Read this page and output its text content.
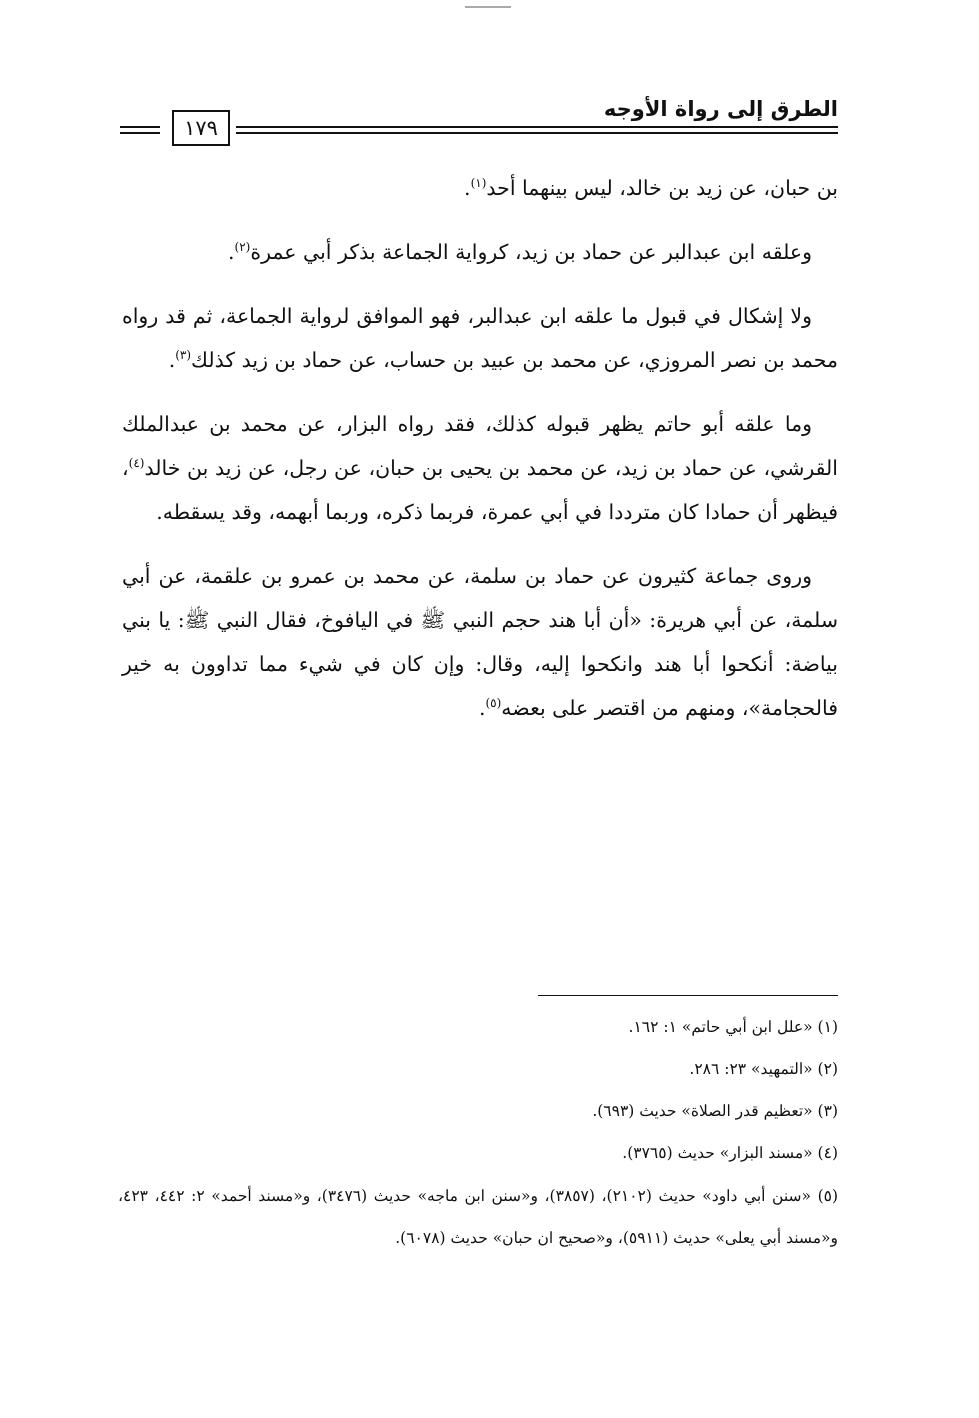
الطرق إلى رواة الأوجه
١٧٩

بن حبان، عن زيد بن خالد، ليس بينهما أحد$^{(١)}$.

وعلقه ابن عبدالبر عن حماد بن زيد، كرواية الجماعة بذكر أبي عمرة$^{(٢)}$.

ولا إشكال في قبول ما علقه ابن عبدالبر، فهو الموافق لرواية الجماعة، ثم قد رواه محمد بن نصر المروزي، عن محمد بن عبيد بن حساب، عن حماد بن زيد كذلك$^{(٣)}$.

وما علقه أبو حاتم يظهر قبوله كذلك، فقد رواه البزار، عن محمد بن عبدالملك القرشي، عن حماد بن زيد، عن محمد بن يحيى بن حبان، عن رجل، عن زيد بن خالد$^{(٤)}$، فيظهر أن حمادا كان مترددا في أبي عمرة، فربما ذكره، وربما أبهمه، وقد يسقطه.

وروى جماعة كثيرون عن حماد بن سلمة، عن محمد بن عمرو بن علقمة، عن أبي سلمة، عن أبي هريرة: «أن أبا هند حجم النبي ﷺ في اليافوخ، فقال النبي ﷺ: يا بني بياضة: أنكحوا أبا هند وانكحوا إليه، وقال: وإن كان في شيء مما تداوون به خير فالحجامة»، ومنهم من اقتصر على بعضه$^{(٥)}$.

(١) «علل ابن أبي حاتم» ١: ١٦٢.
(٢) «التمهيد» ٢٣: ٢٨٦.
(٣) «تعظيم قدر الصلاة» حديث (٦٩٣).
(٤) «مسند البزار» حديث (٣٧٦٥).
(٥) «سنن أبي داود» حديث (٢١٠٢)، (٣٨٥٧)، و«سنن ابن ماجه» حديث (٣٤٧٦)، و«مسند أحمد» ٢: ٤٤٢، ٤٢٣، و«مسند أبي يعلى» حديث (٥٩١١)، و«صحيح ان حبان» حديث (٦٠٧٨).
